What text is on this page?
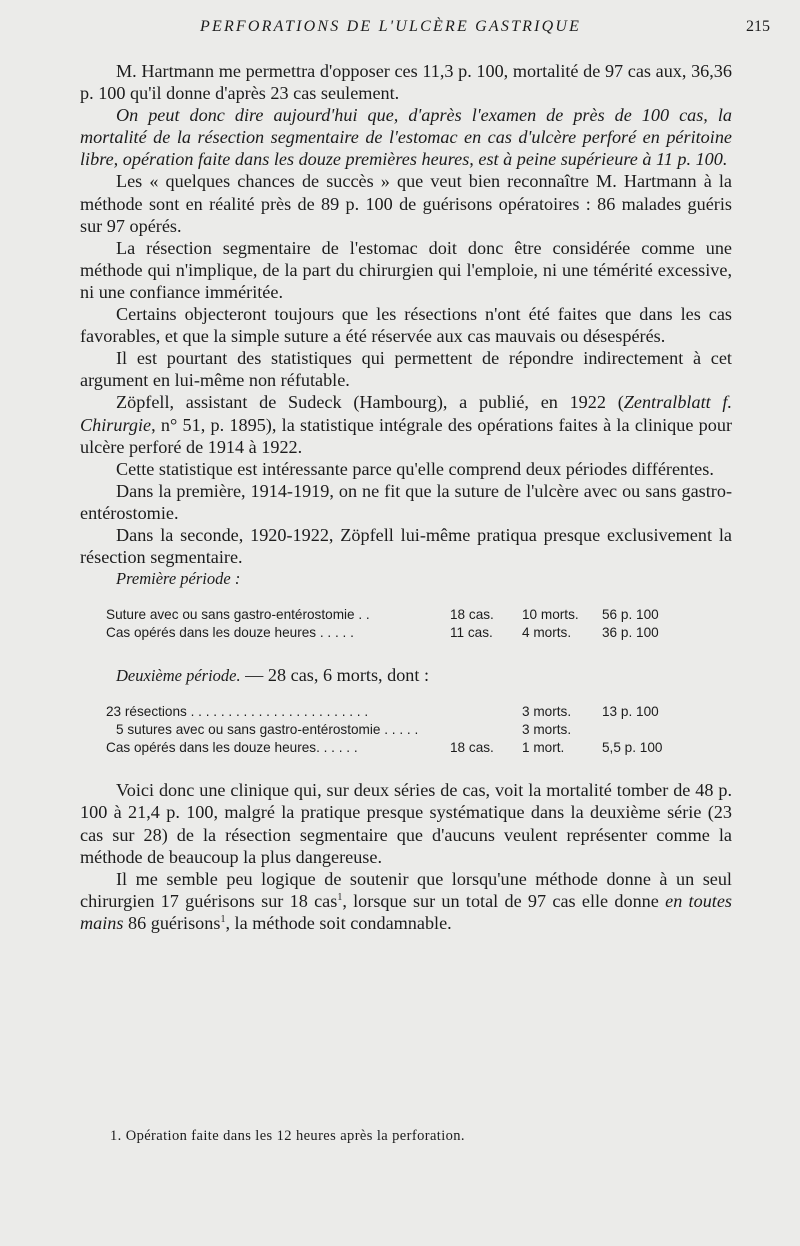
PERFORATIONS DE L'ULCÈRE GASTRIQUE	215

M. Hartmann me permettra d'opposer ces 11,3 p. 100, mortalité de 97 cas aux, 36,36 p. 100 qu'il donne d'après 23 cas seulement.

On peut donc dire aujourd'hui que, d'après l'examen de près de 100 cas, la mortalité de la résection segmentaire de l'estomac en cas d'ulcère perforé en péritoine libre, opération faite dans les douze premières heures, est à peine supérieure à 11 p. 100.

Les « quelques chances de succès » que veut bien reconnaître M. Hartmann à la méthode sont en réalité près de 89 p. 100 de guérisons opératoires : 86 malades guéris sur 97 opérés.

La résection segmentaire de l'estomac doit donc être considérée comme une méthode qui n'implique, de la part du chirurgien qui l'emploie, ni une témérité excessive, ni une confiance imméritée.

Certains objecteront toujours que les résections n'ont été faites que dans les cas favorables, et que la simple suture a été réservée aux cas mauvais ou désespérés.

Il est pourtant des statistiques qui permettent de répondre indirectement à cet argument en lui-même non réfutable.

Zöpfell, assistant de Sudeck (Hambourg), a publié, en 1922 (Zentralblatt f. Chirurgie, n° 51, p. 1895), la statistique intégrale des opérations faites à la clinique pour ulcère perforé de 1914 à 1922.

Cette statistique est intéressante parce qu'elle comprend deux périodes différentes.

Dans la première, 1914-1919, on ne fit que la suture de l'ulcère avec ou sans gastro-entérostomie.

Dans la seconde, 1920-1922, Zöpfell lui-même pratiqua presque exclusivement la résection segmentaire.

Première période :

Suture avec ou sans gastro-entérostomie . .	18 cas.	10 morts.	56 p. 100
Cas opérés dans les douze heures . . . . .	11 cas.	4 morts.	36 p. 100

Deuxième période. — 28 cas, 6 morts, dont :

23 résections . . . . . . . . . . . . . . . . . . . . . . . .	3 morts.	13 p. 100
5 sutures avec ou sans gastro-entérostomie . . . . .	3 morts.
Cas opérés dans les douze heures. . . . . .	18 cas.	1 mort.	5,5 p. 100

Voici donc une clinique qui, sur deux séries de cas, voit la mortalité tomber de 48 p. 100 à 21,4 p. 100, malgré la pratique presque systématique dans la deuxième série (23 cas sur 28) de la résection segmentaire que d'aucuns veulent représenter comme la méthode de beaucoup la plus dangereuse.

Il me semble peu logique de soutenir que lorsqu'une méthode donne à un seul chirurgien 17 guérisons sur 18 cas$^1$, lorsque sur un total de 97 cas elle donne en toutes mains 86 guérisons$^1$, la méthode soit condamnable.

1. Opération faite dans les 12 heures après la perforation.
